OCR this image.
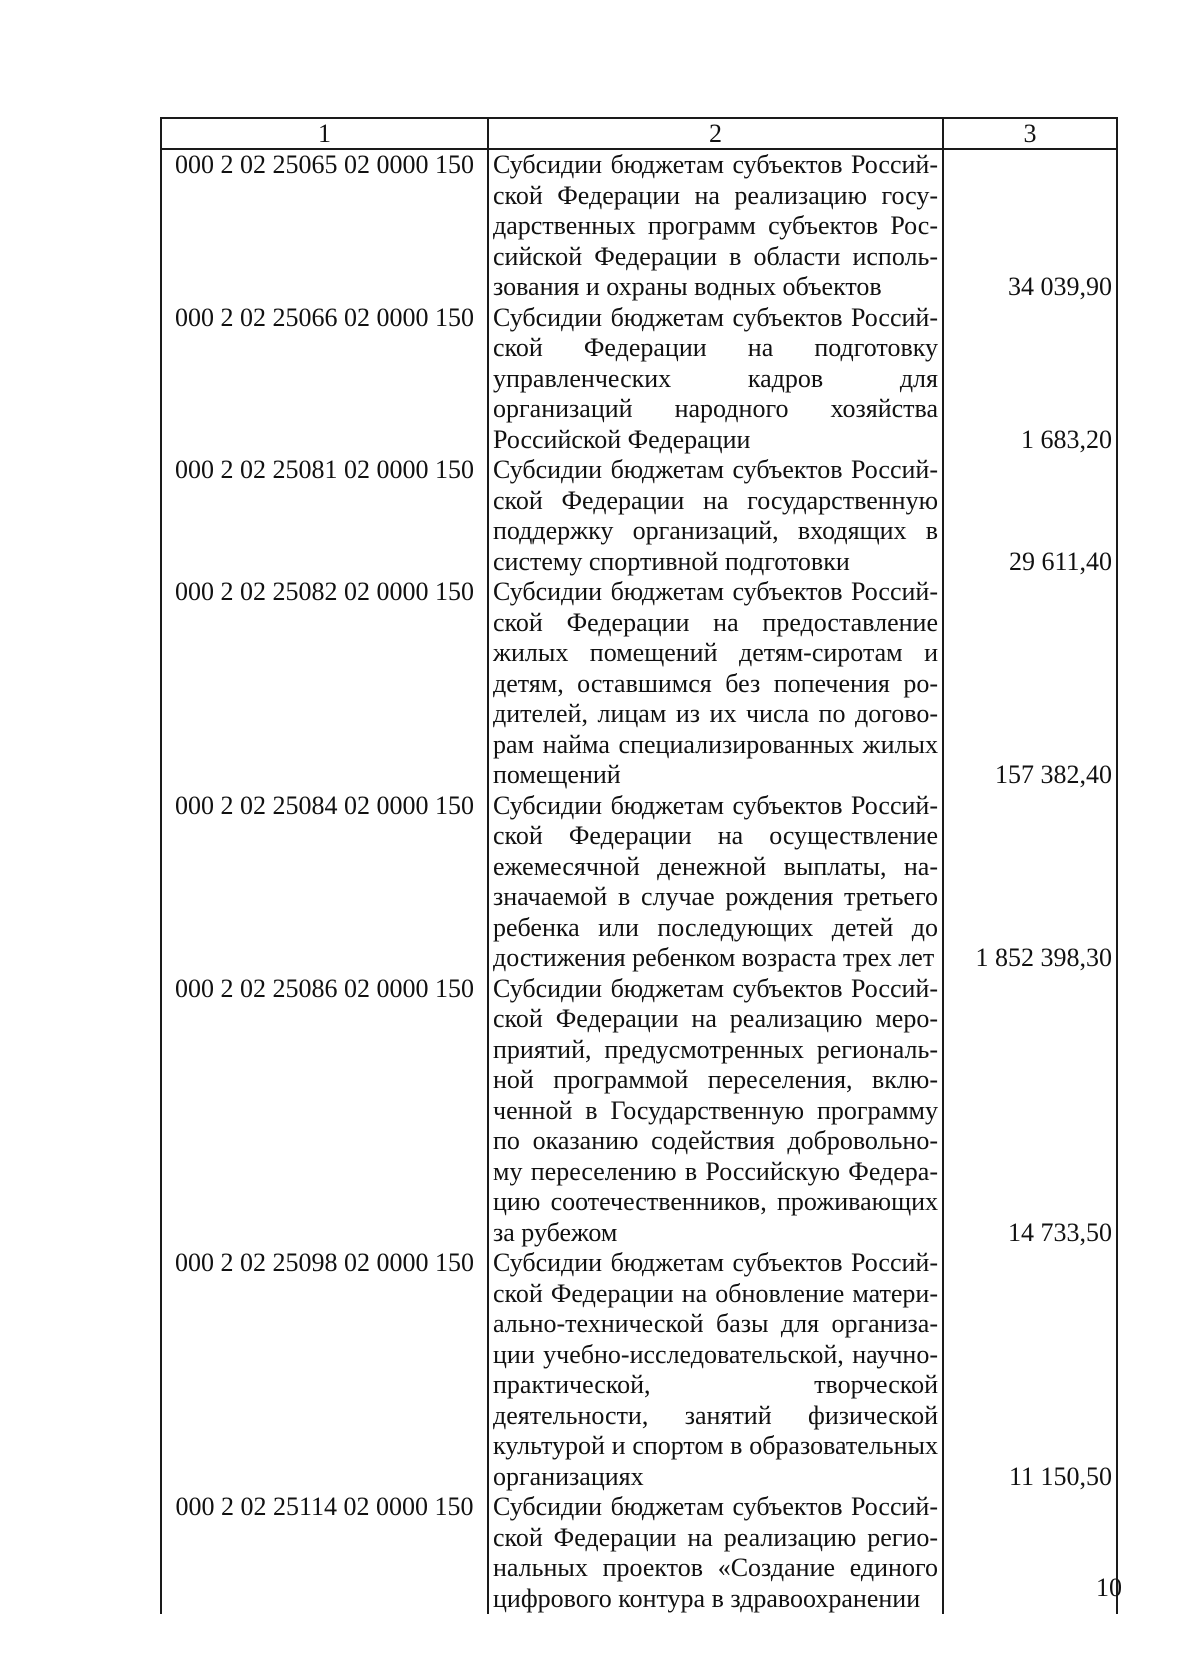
1	2	3
000 2 02 25065 02 0000 150	Субсидии бюджетам субъектов Российской Федерации на реализацию государственных программ субъектов Российской Федерации в области использования и охраны водных объектов	34 039,90
000 2 02 25066 02 0000 150	Субсидии бюджетам субъектов Российской Федерации на подготовку управленческих кадров для организаций народного хозяйства Российской Федерации	1 683,20
000 2 02 25081 02 0000 150	Субсидии бюджетам субъектов Российской Федерации на государственную поддержку организаций, входящих в систему спортивной подготовки	29 611,40
000 2 02 25082 02 0000 150	Субсидии бюджетам субъектов Российской Федерации на предоставление жилых помещений детям-сиротам и детям, оставшимся без попечения родителей, лицам из их числа по договорам найма специализированных жилых помещений	157 382,40
000 2 02 25084 02 0000 150	Субсидии бюджетам субъектов Российской Федерации на осуществление ежемесячной денежной выплаты, назначаемой в случае рождения третьего ребенка или последующих детей до достижения ребенком возраста трех лет	1 852 398,30
000 2 02 25086 02 0000 150	Субсидии бюджетам субъектов Российской Федерации на реализацию мероприятий, предусмотренных региональной программой переселения, включенной в Государственную программу по оказанию содействия добровольному переселению в Российскую Федерацию соотечественников, проживающих за рубежом	14 733,50
000 2 02 25098 02 0000 150	Субсидии бюджетам субъектов Российской Федерации на обновление материально-технической базы для организации учебно-исследовательской, научно-практической, творческой деятельности, занятий физической культурой и спортом в образовательных организациях	11 150,50
000 2 02 25114 02 0000 150	Субсидии бюджетам субъектов Российской Федерации на реализацию региональных проектов «Создание единого цифрового контура в здравоохранении		10
